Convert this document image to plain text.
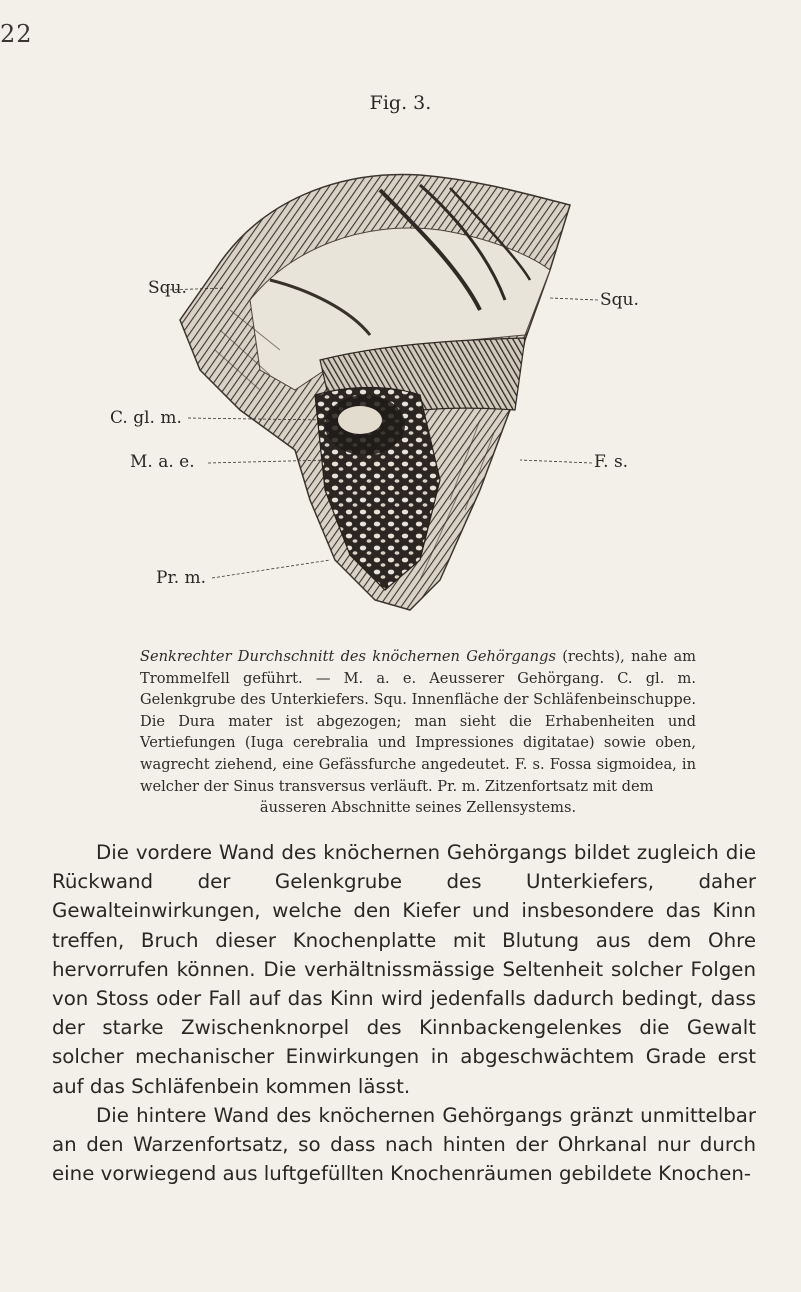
22
Fig. 3.
Squ.
Squ.
C. gl. m.
M. a. e.	F. s.
Pr. m.
Senkrechter Durchschnitt des knöchernen Gehörgangs (rechts), nahe am Trommelfell geführt. — M. a. e. Aeusserer Gehörgang. C. gl. m. Gelenkgrube des Unterkiefers. Squ. Innenfläche der Schläfenbeinschuppe. Die Dura mater ist abgezogen; man sieht die Erhabenheiten und Vertiefungen (Iuga cerebralia und Impressiones digitatae) sowie oben, wagrecht ziehend, eine Gefässfurche angedeutet. F. s. Fossa sigmoidea, in welcher der Sinus transversus verläuft. Pr. m. Zitzenfortsatz mit dem
äusseren Abschnitte seines Zellensystems.

Die vordere Wand des knöchernen Gehörgangs bildet zugleich die Rückwand der Gelenkgrube des Unterkiefers, daher Gewalteinwirkungen, welche den Kiefer und insbesondere das Kinn treffen, Bruch dieser Knochenplatte mit Blutung aus dem Ohre hervorrufen können. Die verhältnissmässige Seltenheit solcher Folgen von Stoss oder Fall auf das Kinn wird jedenfalls dadurch bedingt, dass der starke Zwischenknorpel des Kinnbackengelenkes die Gewalt solcher mechanischer Einwirkungen in abgeschwächtem Grade erst auf das Schläfenbein kommen lässt.

Die hintere Wand des knöchernen Gehörgangs gränzt unmittelbar an den Warzenfortsatz, so dass nach hinten der Ohrkanal nur durch eine vorwiegend aus luftgefüllten Knochenräumen gebildete Knochen-
